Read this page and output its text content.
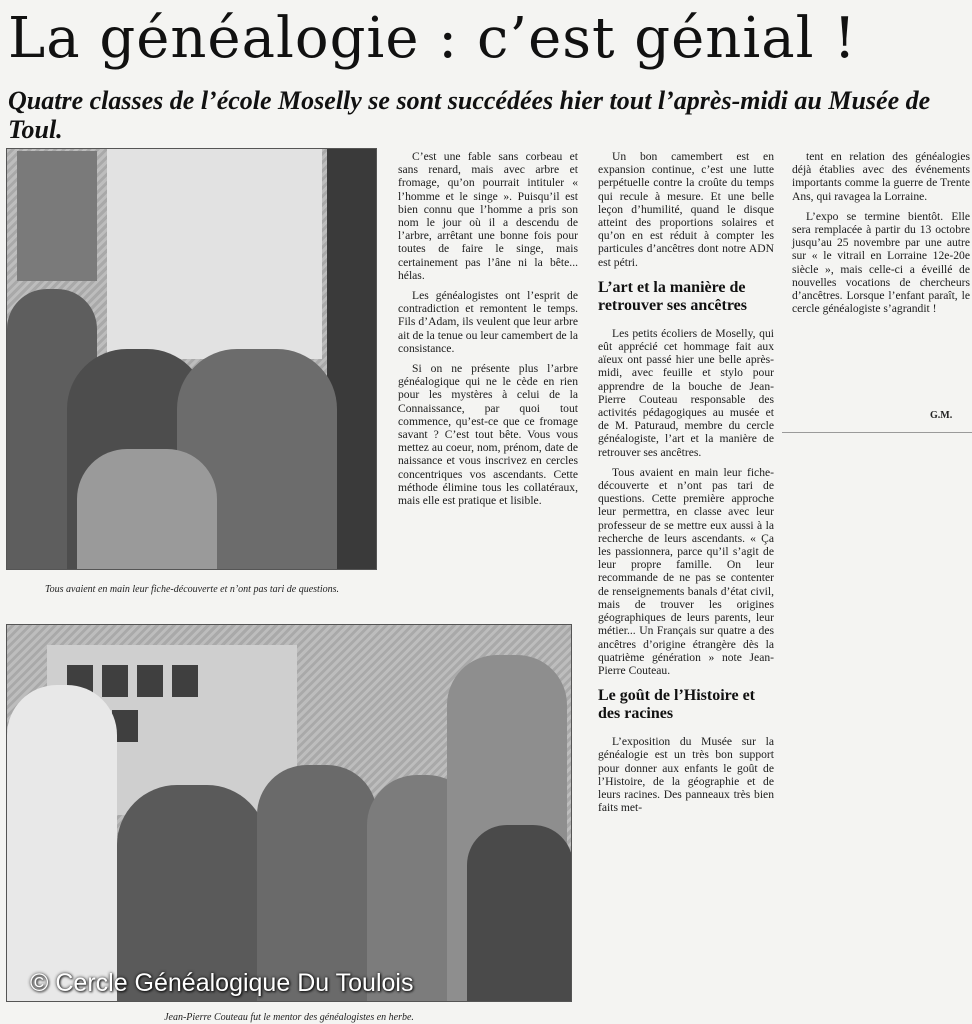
La généalogie : c’est génial !
Quatre classes de l’école Moselly se sont succédées hier tout l’après-midi au Musée de Toul.
Tous avaient en main leur fiche-découverte et n’ont pas tari de questions.
Jean-Pierre Couteau fut le mentor des généalogistes en herbe.

C’est une fable sans corbeau et sans renard, mais avec arbre et fromage, qu’on pourrait intituler « l’homme et le singe ». Puisqu’il est bien connu que l’homme a pris son nom le jour où il a descendu de l’arbre, arrêtant une bonne fois pour toutes de faire le singe, mais certainement pas l’âne ni la bête... hélas.

Les généalogistes ont l’esprit de contradiction et remontent le temps. Fils d’Adam, ils veulent que leur arbre ait de la tenue ou leur camembert de la consistance.

Si on ne présente plus l’arbre généalogique qui ne le cède en rien pour les mystères à celui de la Connaissance, par quoi tout commence, qu’est-ce que ce fromage savant ? C’est tout bête. Vous vous mettez au coeur, nom, prénom, date de naissance et vous inscrivez en cercles concentriques vos ascendants. Cette méthode élimine tous les collatéraux, mais elle est pratique et lisible.

Un bon camembert est en expansion continue, c’est une lutte perpétuelle contre la croûte du temps qui recule à mesure. Et une belle leçon d’humilité, quand le disque atteint des proportions solaires et qu’on en est réduit à compter les particules d’ancêtres dont notre ADN est pétri.

L’art et la manière de retrouver ses ancêtres

Les petits écoliers de Moselly, qui eût apprécié cet hommage fait aux aïeux ont passé hier une belle après-midi, avec feuille et stylo pour apprendre de la bouche de Jean-Pierre Couteau responsable des activités pédagogiques au musée et de M. Paturaud, membre du cercle généalogiste, l’art et la manière de retrouver ses ancêtres.

Tous avaient en main leur fiche-découverte et n’ont pas tari de questions. Cette première approche leur permettra, en classe avec leur professeur de se mettre eux aussi à la recherche de leurs ascendants. « Ça les passionnera, parce qu’il s’agit de leur propre famille. On leur recommande de ne pas se contenter de renseignements banals d’état civil, mais de trouver les origines géographiques de leurs parents, leur métier... Un Français sur quatre a des ancêtres d’origine étrangère dès la quatrième génération » note Jean-Pierre Couteau.

Le goût de l’Histoire et des racines

L’exposition du Musée sur la généalogie est un très bon support pour donner aux enfants le goût de l’Histoire, de la géographie et de leurs racines. Des panneaux très bien faits met-

tent en relation des généalogies déjà établies avec des événements importants comme la guerre de Trente Ans, qui ravagea la Lorraine.

L’expo se termine bientôt. Elle sera remplacée à partir du 13 octobre jusqu’au 25 novembre par une autre sur « le vitrail en Lorraine 12e-20e siècle », mais celle-ci a éveillé de nouvelles vocations de chercheurs d’ancêtres. Lorsque l’enfant paraît, le cercle généalogiste s’agrandit !

G.M.
© Cercle Généalogique Du Toulois
